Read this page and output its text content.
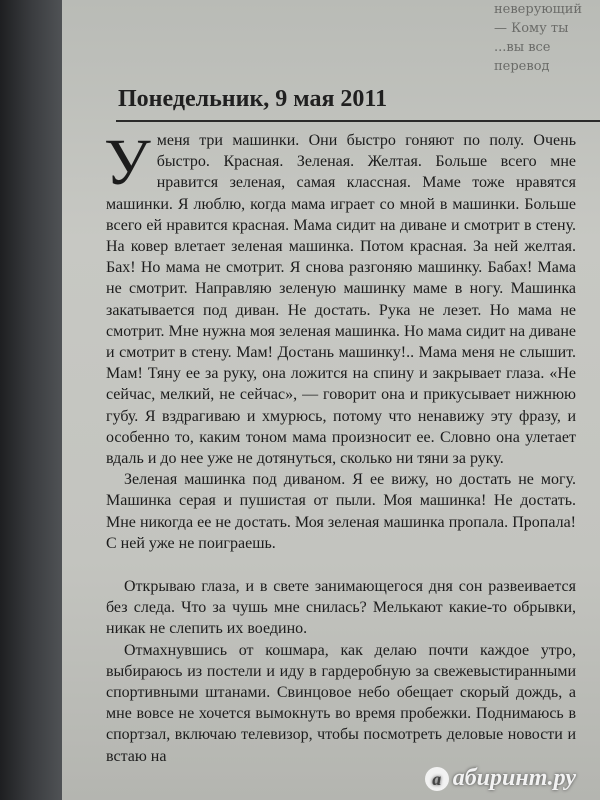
неверующий
— Кому ты
...вы все
перевод
Понедельник, 9 мая 2011

Уменя три машинки. Они быстро гоняют по полу. Очень быстро. Красная. Зеленая. Желтая. Больше всего мне нравится зеленая, самая классная. Маме тоже нравятся машинки. Я люблю, когда мама играет со мной в машинки. Больше всего ей нравится красная. Мама сидит на диване и смотрит в стену. На ковер влетает зеленая машинка. Потом красная. За ней желтая. Бах! Но мама не смотрит. Я снова разгоняю машинку. Бабах! Мама не смотрит. Направляю зеленую машинку маме в ногу. Машинка закатывается под диван. Не достать. Рука не лезет. Но мама не смотрит. Мне нужна моя зеленая машинка. Но мама сидит на диване и смотрит в стену. Мам! Достань машинку!.. Мама меня не слышит. Мам! Тяну ее за руку, она ложится на спину и закрывает глаза. «Не сейчас, мелкий, не сейчас», — говорит она и прикусывает нижнюю губу. Я вздрагиваю и хмурюсь, потому что ненавижу эту фразу, и особенно то, каким тоном мама произносит ее. Словно она улетает вдаль и до нее уже не дотянуться, сколько ни тяни за руку.

Зеленая машинка под диваном. Я ее вижу, но достать не могу. Машинка серая и пушистая от пыли. Моя машинка! Не достать. Мне никогда ее не достать. Моя зеленая машинка пропала. Пропала! С ней уже не поиграешь.

Открываю глаза, и в свете занимающегося дня сон развеивается без следа. Что за чушь мне снилась? Мелькают какие-то обрывки, никак не слепить их воедино.

Отмахнувшись от кошмара, как делаю почти каждое утро, выбираюсь из постели и иду в гардеробную за свежевыстиранными спортивными штанами. Свинцовое небо обещает скорый дождь, а мне вовсе не хочется вымокнуть во время пробежки. Поднимаюсь в спортзал, включаю телевизор, чтобы посмотреть деловые новости и встаю на

a абиринт.ру
